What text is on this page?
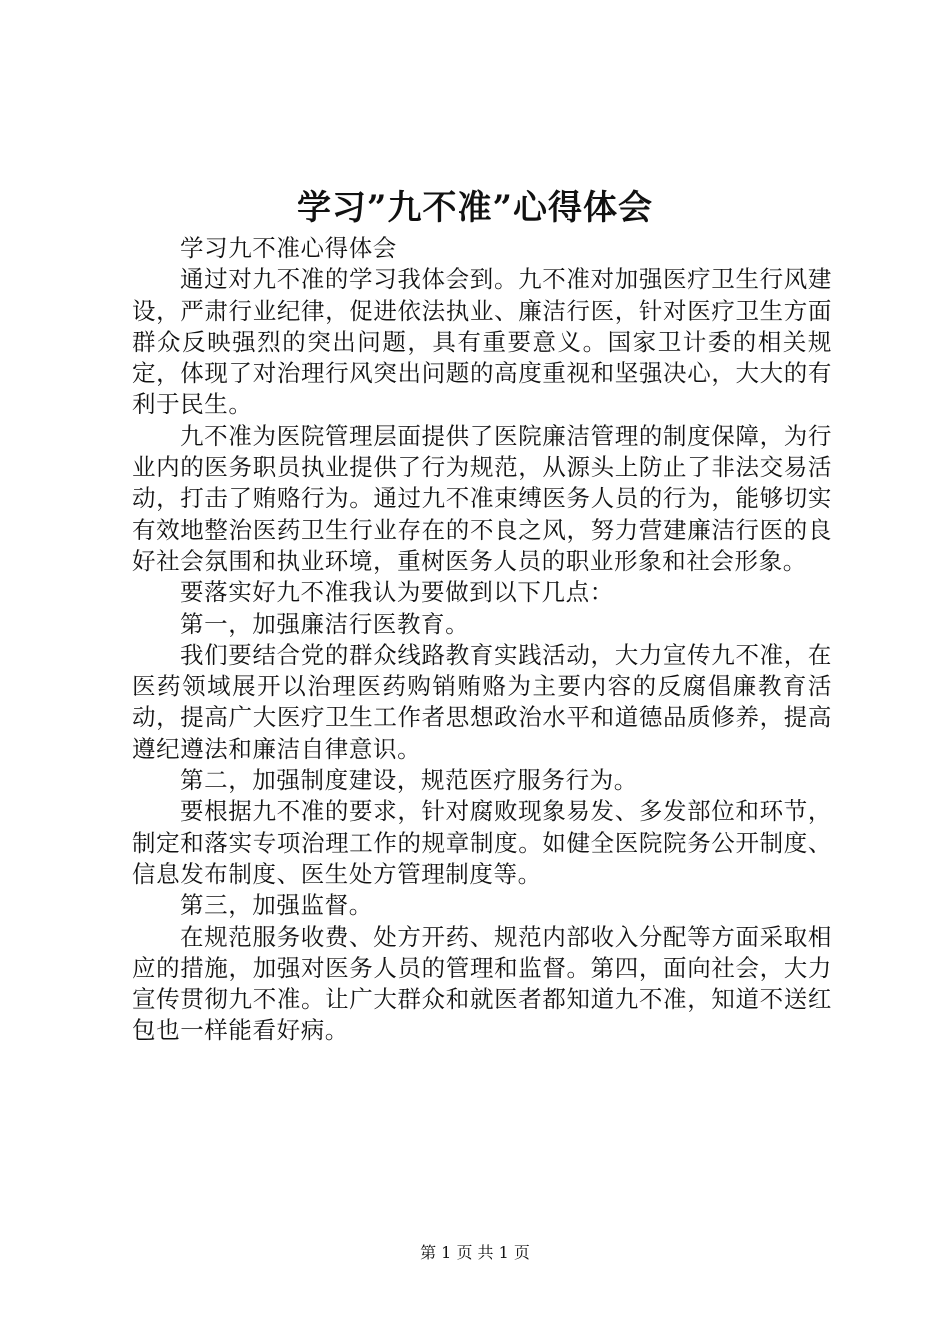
学习”九不准”心得体会

学习九不准心得体会

通过对九不准的学习我体会到。九不准对加强医疗卫生行风建设，严肃行业纪律，促进依法执业、廉洁行医，针对医疗卫生方面群众反映强烈的突出问题，具有重要意义。国家卫计委的相关规定，体现了对治理行风突出问题的高度重视和坚强决心，大大的有利于民生。

九不准为医院管理层面提供了医院廉洁管理的制度保障，为行业内的医务职员执业提供了行为规范，从源头上防止了非法交易活动，打击了贿赂行为。通过九不准束缚医务人员的行为，能够切实有效地整治医药卫生行业存在的不良之风，努力营建廉洁行医的良好社会氛围和执业环境，重树医务人员的职业形象和社会形象。

要落实好九不准我认为要做到以下几点：

第一，加强廉洁行医教育。

我们要结合党的群众线路教育实践活动，大力宣传九不准，在医药领域展开以治理医药购销贿赂为主要内容的反腐倡廉教育活动，提高广大医疗卫生工作者思想政治水平和道德品质修养，提高遵纪遵法和廉洁自律意识。

第二，加强制度建设，规范医疗服务行为。

要根据九不准的要求，针对腐败现象易发、多发部位和环节，制定和落实专项治理工作的规章制度。如健全医院院务公开制度、信息发布制度、医生处方管理制度等。

第三，加强监督。

在规范服务收费、处方开药、规范内部收入分配等方面采取相应的措施，加强对医务人员的管理和监督。第四，面向社会，大力宣传贯彻九不准。让广大群众和就医者都知道九不准，知道不送红包也一样能看好病。

第 1 页 共 1 页
